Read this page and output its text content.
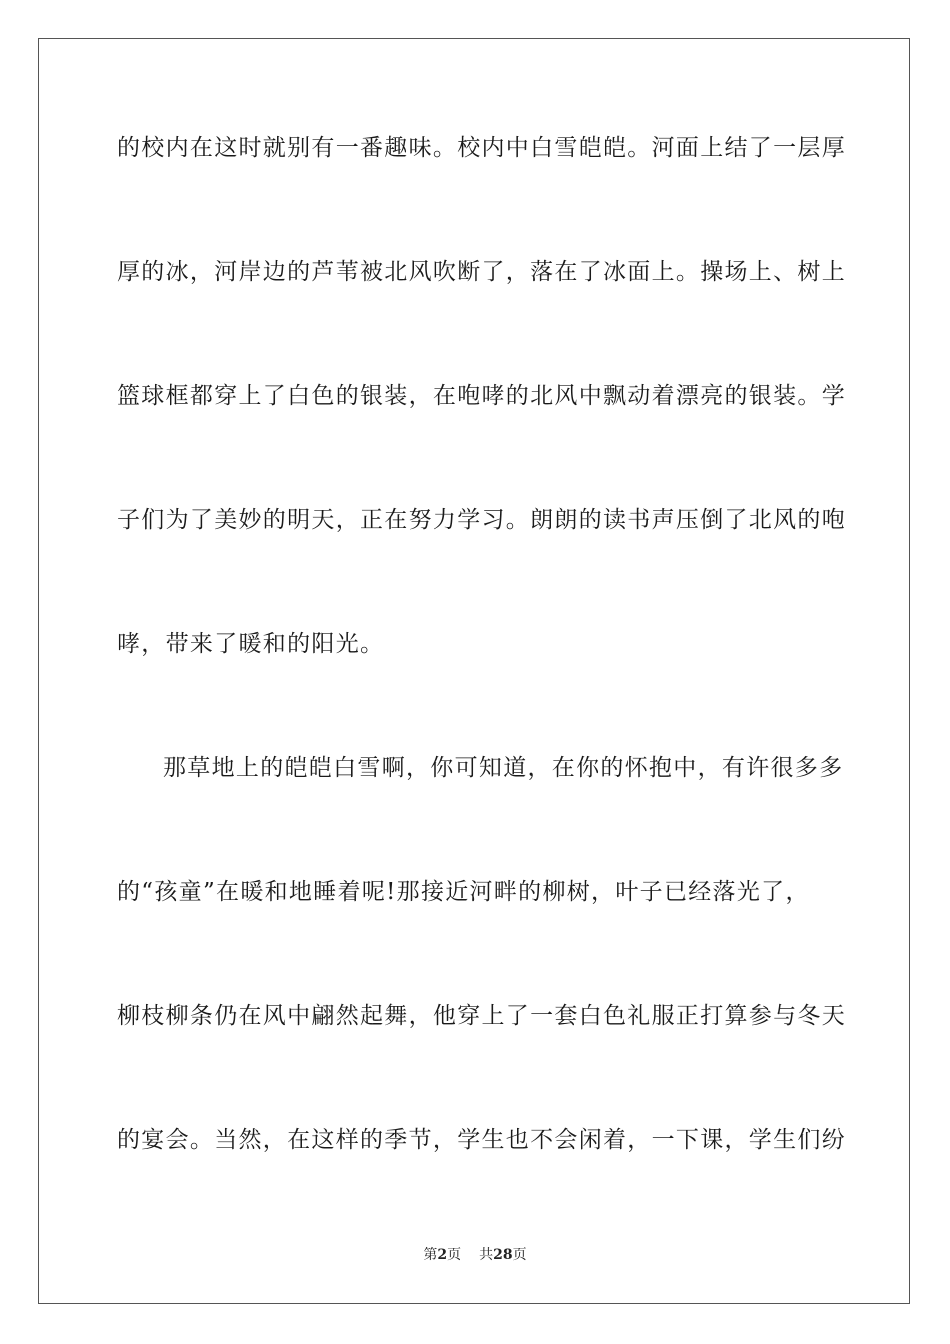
的校内在这时就别有一番趣味。校内中白雪皑皑。河面上结了一层厚
厚的冰，河岸边的芦苇被北风吹断了，落在了冰面上。操场上、树上
篮球框都穿上了白色的银装，在咆哮的北风中飘动着漂亮的银装。学
子们为了美妙的明天，正在努力学习。朗朗的读书声压倒了北风的咆
哮，带来了暖和的阳光。
那草地上的皑皑白雪啊，你可知道，在你的怀抱中，有许很多多
的“孩童”在暖和地睡着呢!那接近河畔的柳树，叶子已经落光了，
柳枝柳条仍在风中翩然起舞，他穿上了一套白色礼服正打算参与冬天
的宴会。当然，在这样的季节，学生也不会闲着，一下课，学生们纷
第2页 共28页
